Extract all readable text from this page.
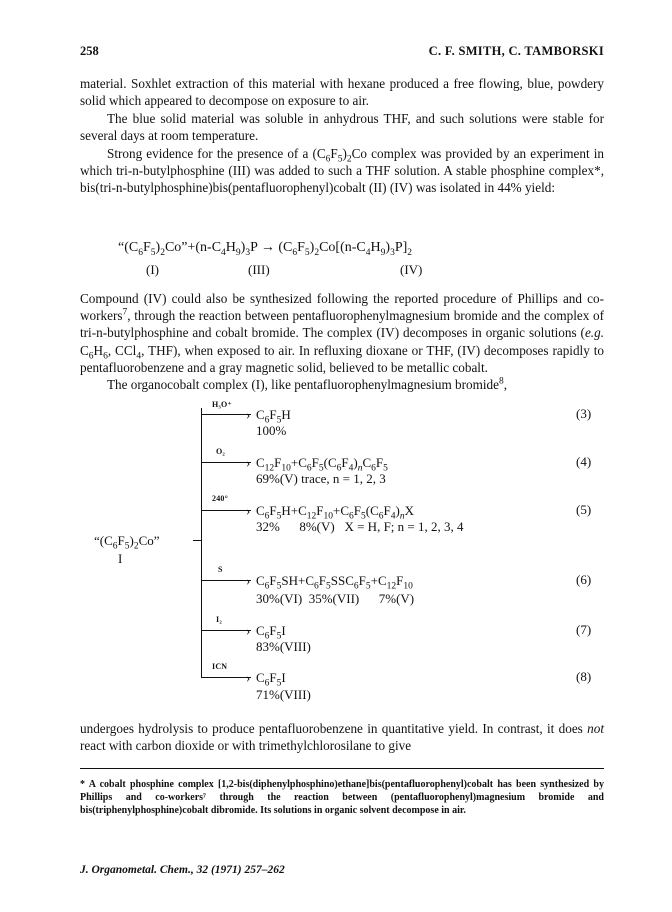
258	C. F. SMITH, C. TAMBORSKI
material. Soxhlet extraction of this material with hexane produced a free flowing, blue, powdery solid which appeared to decompose on exposure to air.
The blue solid material was soluble in anhydrous THF, and such solutions were stable for several days at room temperature.
Strong evidence for the presence of a $(C_6F_5)_2Co$ complex was provided by an experiment in which tri-n-butylphosphine (III) was added to such a THF solution. A stable phosphine complex*, bis(tri-n-butylphosphine)bis(pentafluorophenyl)cobalt (II) (IV) was isolated in 44% yield:
“$(C_6F_5)_2Co”+(n-C_4H_9)_3P \to (C_6F_5)_2Co[(n-C_4H_9)_3P]_2$
(I)	(III)	(IV)
Compound (IV) could also be synthesized following the reported procedure of Phillips and co-workers$^7$, through the reaction between pentafluorophenylmagnesium bromide and the complex of tri-n-butylphosphine and cobalt bromide. The complex (IV) decomposes in organic solutions (e.g. $C_6H_6$, CCl$_4$, THF), when exposed to air. In refluxing dioxane or THF, (IV) decomposes rapidly to pentafluorobenzene and a gray magnetic solid, believed to be metallic cobalt.
The organocobalt complex (I), like pentafluorophenylmagnesium bromide$^8$,
“$(C_6F_5)_2Co$”
I
H₃O⁺
› $C_6F_5H$
100%
(3)
O₂
› $C_{12}F_{10}+C_6F_5(C_6F_4)_nC_6F_5$
69%(V) trace, n = 1, 2, 3
(4)
240°
› $C_6F_5H+C_{12}F_{10}+C_6F_5(C_6F_4)_nX$
32%      8%(V)   X = H, F; n = 1, 2, 3, 4
(5)
S
› $C_6F_5SH+C_6F_5SSC_6F_5+C_{12}F_{10}$
30%(VI)  35%(VII)      7%(V)
(6)
I₂
› $C_6F_5I$
83%(VIII)
(7)
ICN
› $C_6F_5I$
71%(VIII)
(8)
undergoes hydrolysis to produce pentafluorobenzene in quantitative yield. In contrast, it does not react with carbon dioxide or with trimethylchlorosilane to give
* A cobalt phosphine complex [1,2-bis(diphenylphosphino)ethane]bis(pentafluorophenyl)cobalt has been synthesized by Phillips and co-workers⁷ through the reaction between (pentafluorophenyl)magnesium bromide and bis(triphenylphosphine)cobalt dibromide. Its solutions in organic solvent decompose in air.
J. Organometal. Chem., 32 (1971) 257–262
